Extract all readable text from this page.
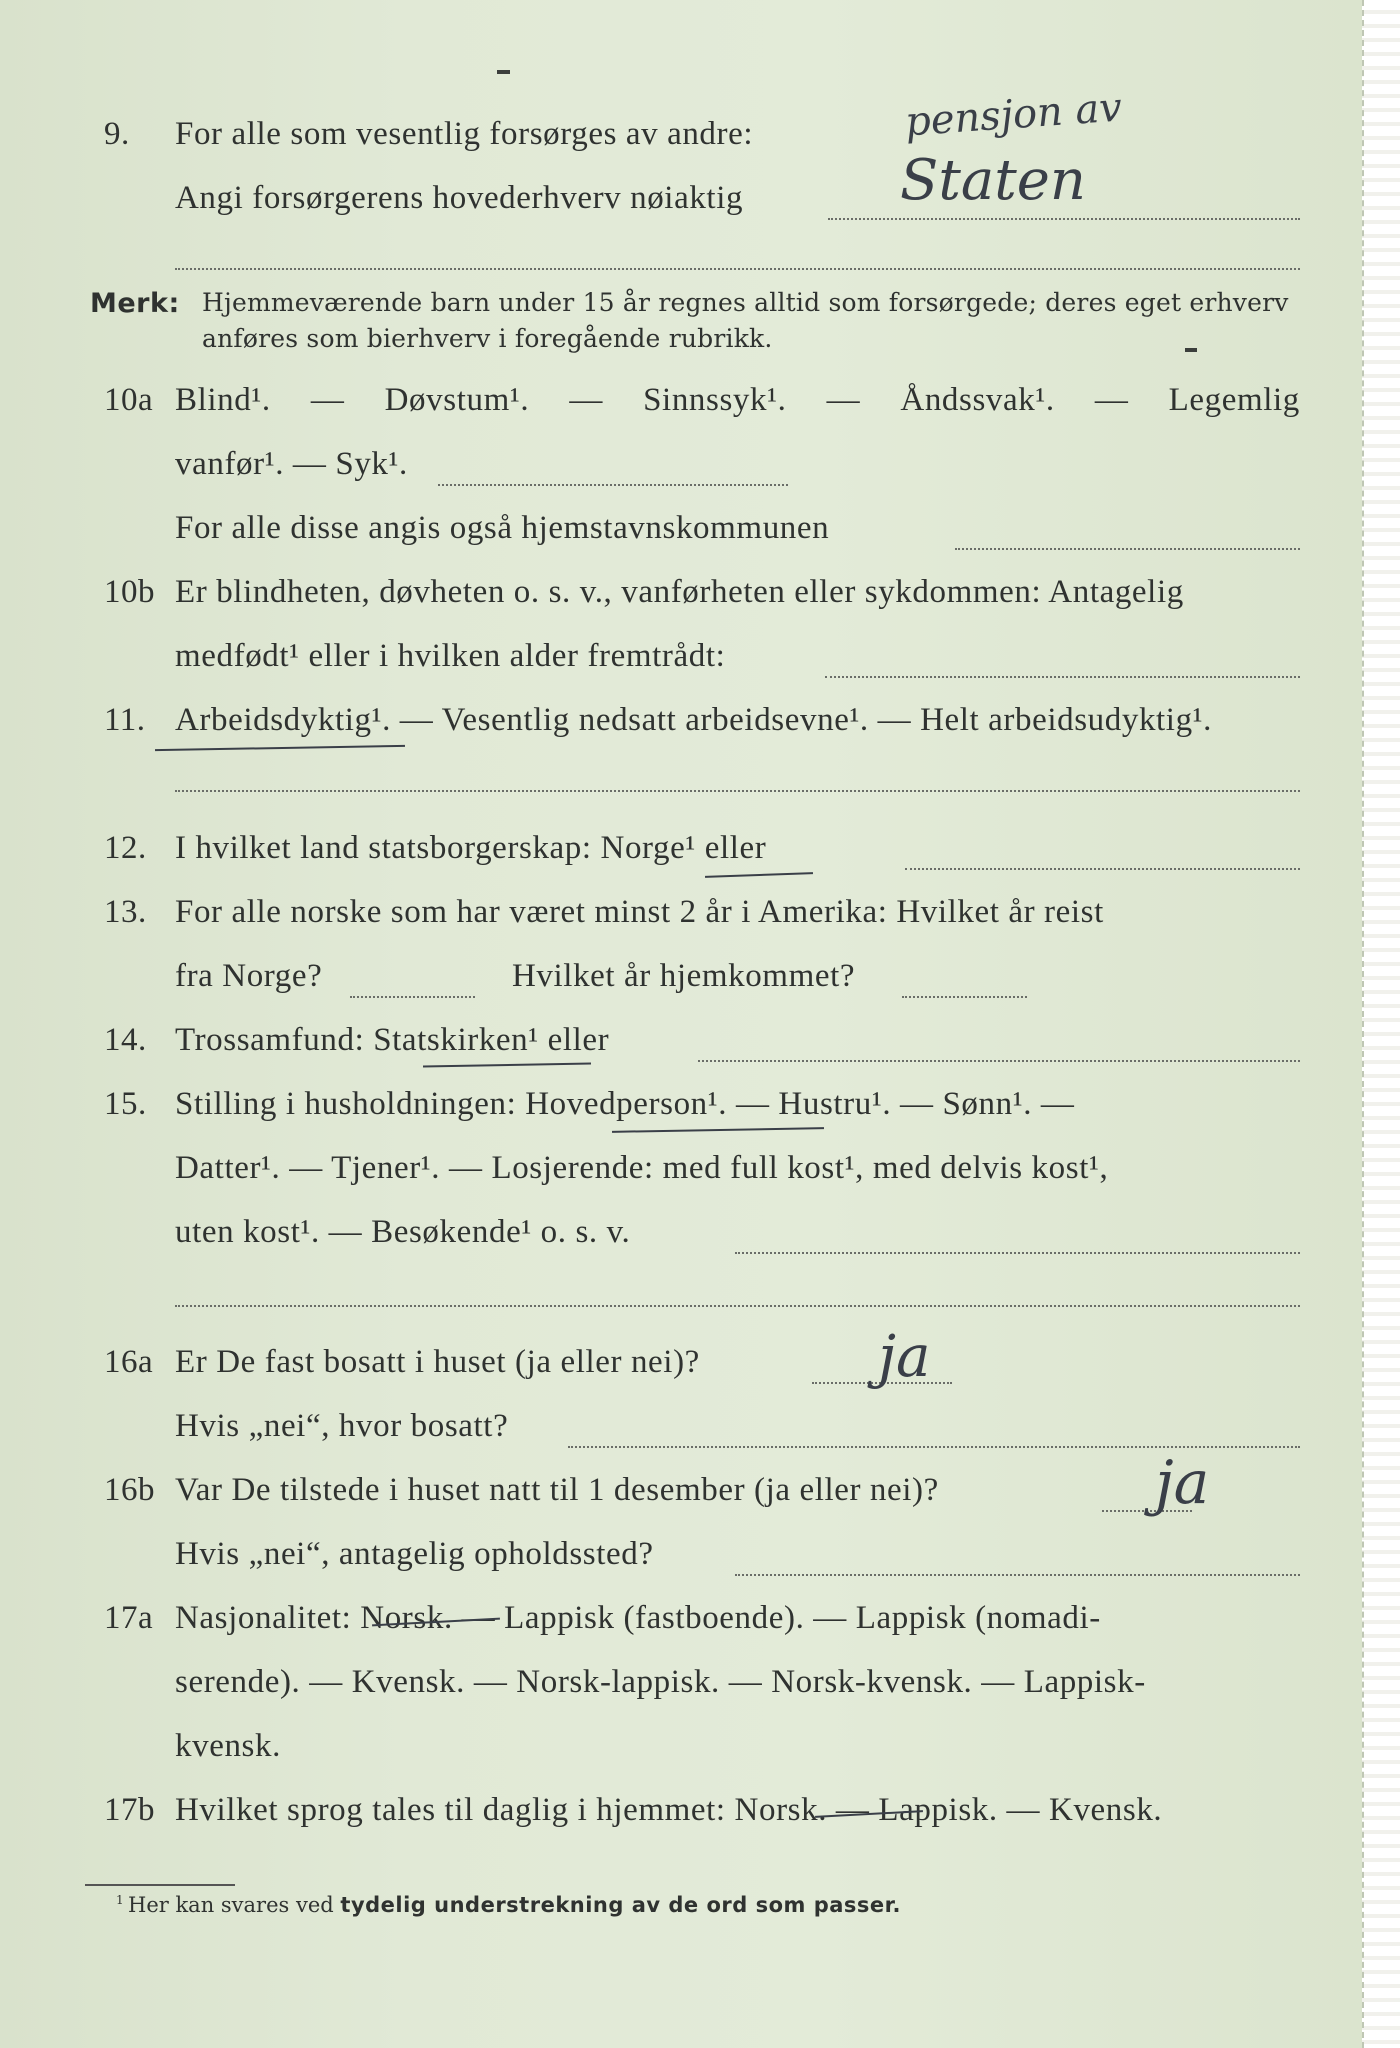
9. For alle som vesentlig forsørges av andre:	pensjon av
Angi forsørgerens hovederhverv nøiaktig	Staten
Merk: Hjemmeværende barn under 15 år regnes alltid som forsørgede; deres eget erhverv
anføres som bierhverv i foregående rubrikk.
10a Blind¹. — Døvstum¹. — Sinnssyk¹. — Åndssvak¹. — Legemlig
vanfør¹. — Syk¹.
For alle disse angis også hjemstavnskommunen
10b Er blindheten, døvheten o. s. v., vanførheten eller sykdommen: Antagelig
medfødt¹ eller i hvilken alder fremtrådt:
11. Arbeidsdyktig¹. — Vesentlig nedsatt arbeidsevne¹. — Helt arbeidsudyktig¹.
12. I hvilket land statsborgerskap: Norge¹ eller
13. For alle norske som har været minst 2 år i Amerika: Hvilket år reist
fra Norge?	Hvilket år hjemkommet?
14. Trossamfund: Statskirken¹ eller
15. Stilling i husholdningen: Hovedperson¹. — Hustru¹. — Sønn¹. —
Datter¹. — Tjener¹. — Losjerende: med full kost¹, med delvis kost¹,
uten kost¹. — Besøkende¹ o. s. v.
16a Er De fast bosatt i huset (ja eller nei)?	ja
Hvis „nei“, hvor bosatt?
16b Var De tilstede i huset natt til 1 desember (ja eller nei)?	ja
Hvis „nei“, antagelig opholdssted?
17a Nasjonalitet: Norsk. — Lappisk (fastboende). — Lappisk (nomadi-
serende). — Kvensk. — Norsk-lappisk. — Norsk-kvensk. — Lappisk-
kvensk.
17b Hvilket sprog tales til daglig i hjemmet: Norsk. — Lappisk. — Kvensk.
1 Her kan svares ved tydelig understrekning av de ord som passer.
